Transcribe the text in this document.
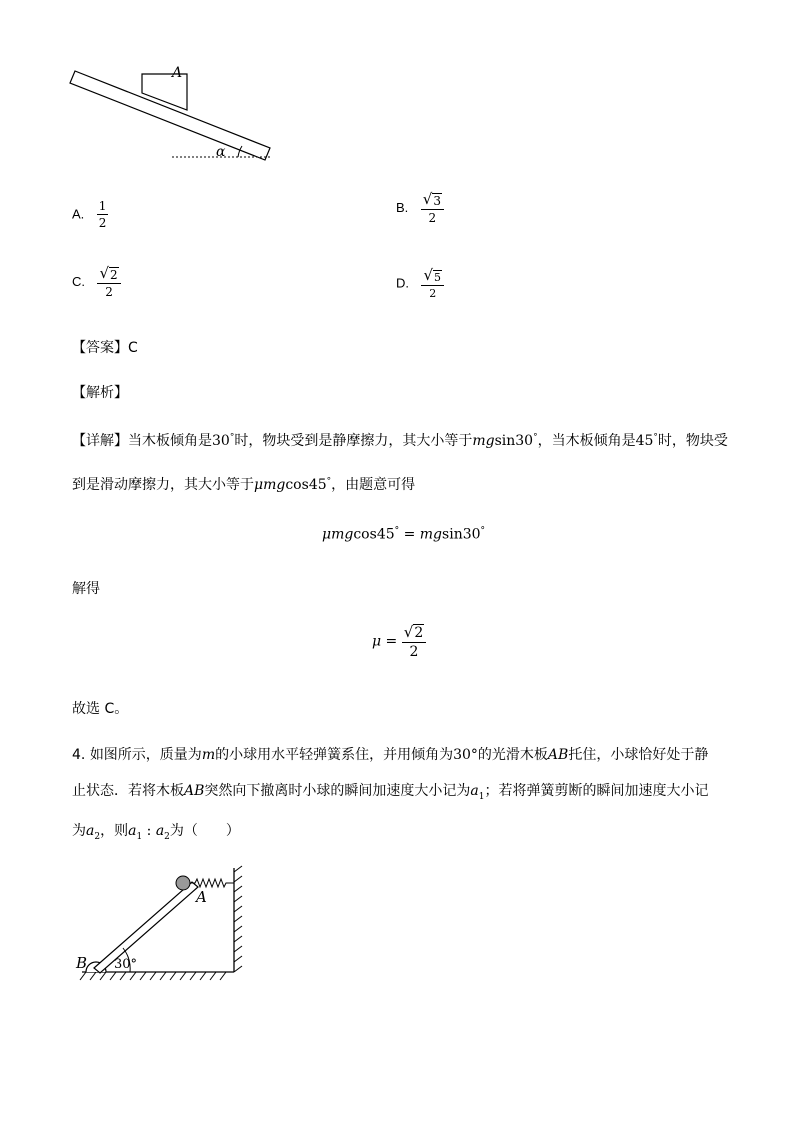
A
α
A. $\frac{1}{2}$	B. $\frac{√ 3}{2}$
C. $\frac{√ 2}{2}$	D. $\frac{√ 5}{2}$
【答案】C
【解析】
【详解】当木板倾角是30°时，物块受到是静摩擦力，其大小等于mgsin30°，当木板倾角是45°时，物块受
到是滑动摩擦力，其大小等于μmgcos45°，由题意可得
μmgcos45° = mgsin30°
解得
$\mu = \frac{√ 2}{2}$
故选 C。
4. 如图所示，质量为m的小球用水平轻弹簧系住，并用倾角为30°的光滑木板AB托住，小球恰好处于静
止状态．若将木板AB突然向下撤离时小球的瞬间加速度大小记为$a_1$；若将弹簧剪断的瞬间加速度大小记
为$a_2$，则$a_1$ : $a_2$为（　　）
A
B 30°
